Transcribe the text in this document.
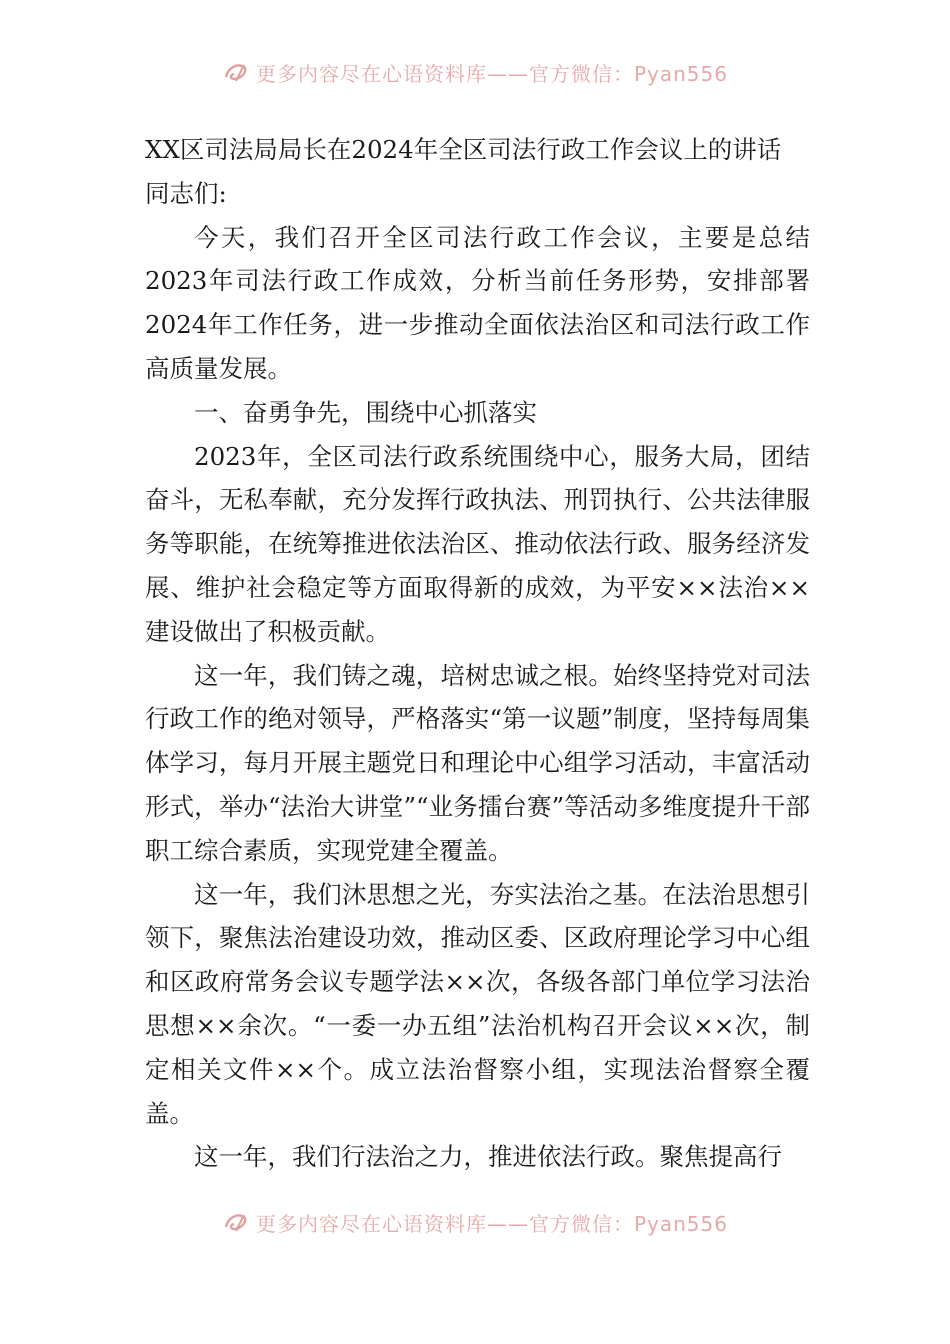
更多内容尽在心语资料库——官方微信：Pyan556

XX区司法局局长在2024年全区司法行政工作会议上的讲话

同志们:

今天，我们召开全区司法行政工作会议，主要是总结2023年司法行政工作成效，分析当前任务形势，安排部署2024年工作任务，进一步推动全面依法治区和司法行政工作高质量发展。

一、奋勇争先，围绕中心抓落实

2023年，全区司法行政系统围绕中心，服务大局，团结奋斗，无私奉献，充分发挥行政执法、刑罚执行、公共法律服务等职能，在统筹推进依法治区、推动依法行政、服务经济发展、维护社会稳定等方面取得新的成效，为平安××法治××建设做出了积极贡献。

这一年，我们铸之魂，培树忠诚之根。始终坚持党对司法行政工作的绝对领导，严格落实“第一议题”制度，坚持每周集体学习，每月开展主题党日和理论中心组学习活动，丰富活动形式，举办“法治大讲堂”“业务擂台赛”等活动多维度提升干部职工综合素质，实现党建全覆盖。

这一年，我们沐思想之光，夯实法治之基。在法治思想引领下，聚焦法治建设功效，推动区委、区政府理论学习中心组和区政府常务会议专题学法××次，各级各部门单位学习法治思想××余次。“一委一办五组”法治机构召开会议××次，制定相关文件××个。成立法治督察小组，实现法治督察全覆盖。

这一年，我们行法治之力，推进依法行政。聚焦提高行

更多内容尽在心语资料库——官方微信：Pyan556
